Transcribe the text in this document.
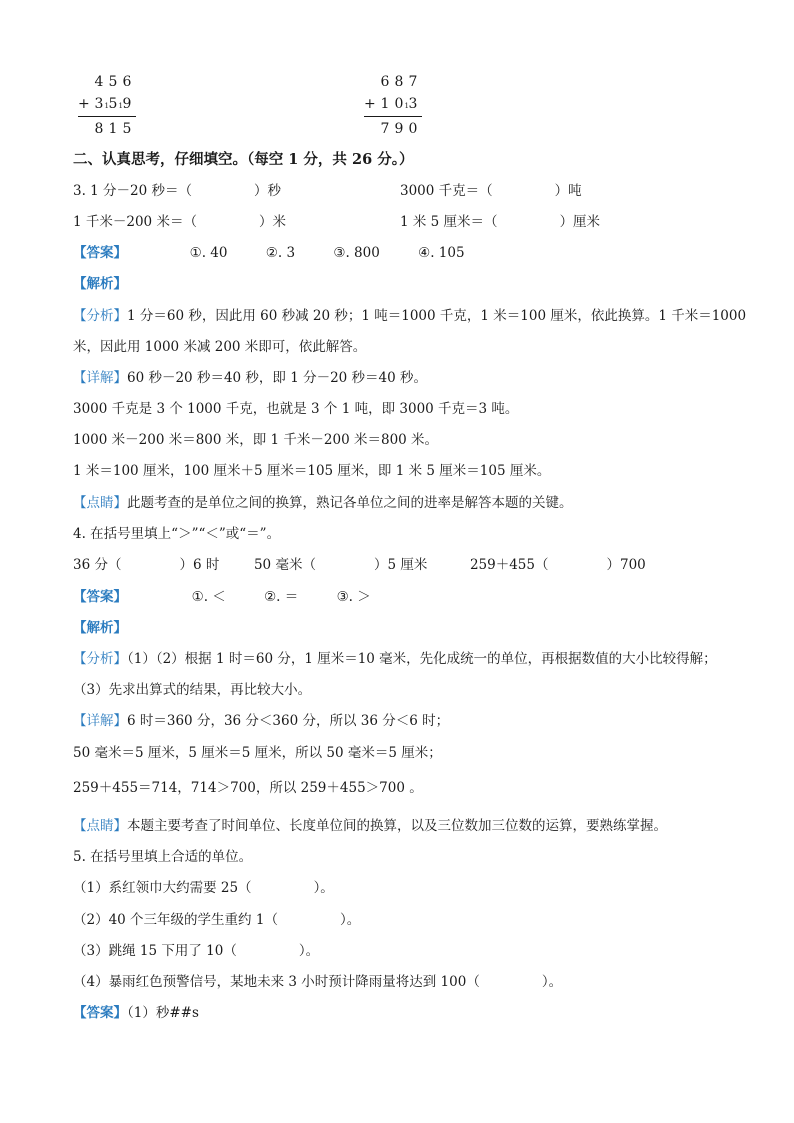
4 5 6
+ 3 1 5 1 9
8 1 5
6 8 7
+ 1 0 1 3
7 9 0
二、认真思考，仔细填空。（每空 1 分，共 26 分。）
3. 1 分－20 秒＝（	）秒	3000 千克＝（	）吨
1 千米－200 米＝（	）米	1 米 5 厘米＝（	）厘米
【答案】	①. 40	②. 3	③. 800	④. 105
【解析】
【分析】1 分＝60 秒，因此用 60 秒减 20 秒；1 吨＝1000 千克，1 米＝100 厘米，依此换算。1 千米＝1000
米，因此用 1000 米减 200 米即可，依此解答。
【详解】60 秒－20 秒＝40 秒，即 1 分－20 秒＝40 秒。
3000 千克是 3 个 1000 千克，也就是 3 个 1 吨，即 3000 千克＝3 吨。
1000 米－200 米＝800 米，即 1 千米－200 米＝800 米。
1 米＝100 厘米，100 厘米＋5 厘米＝105 厘米，即 1 米 5 厘米＝105 厘米。
【点睛】此题考查的是单位之间的换算，熟记各单位之间的进率是解答本题的关键。
4. 在括号里填上“＞”“＜”或“＝”。
36 分（	）6 时	50 毫米（	）5 厘米	259＋455（	）700
【答案】	①. ＜	②. ＝	③. ＞
【解析】
【分析】（1）（2）根据 1 时＝60 分，1 厘米＝10 毫米，先化成统一的单位，再根据数值的大小比较得解；
（3）先求出算式的结果，再比较大小。
【详解】6 时＝360 分，36 分＜360 分，所以 36 分＜6 时；
50 毫米＝5 厘米，5 厘米＝5 厘米，所以 50 毫米＝5 厘米；
259＋455＝714，714＞700，所以 259＋455＞700 。
【点睛】本题主要考查了时间单位、长度单位间的换算，以及三位数加三位数的运算，要熟练掌握。
5. 在括号里填上合适的单位。
（1）系红领巾大约需要 25（	）。
（2）40 个三年级的学生重约 1（	）。
（3）跳绳 15 下用了 10（	）。
（4）暴雨红色预警信号，某地未来 3 小时预计降雨量将达到 100（	）。
【答案】（1）秒##s
